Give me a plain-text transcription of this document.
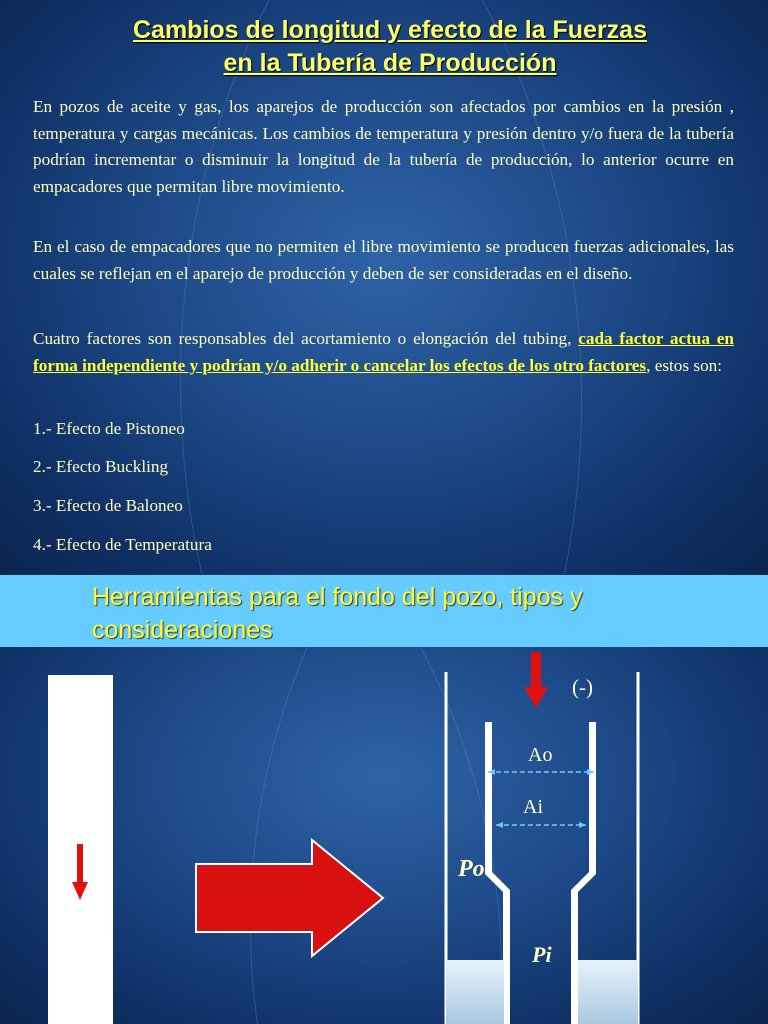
Cambios de longitud y efecto de la Fuerzas
en la Tubería de Producción

En pozos de aceite y gas, los aparejos de producción son afectados por cambios en la presión , temperatura y cargas mecánicas. Los cambios de temperatura y presión dentro y/o fuera de la tubería podrían incrementar o disminuir la longitud de la tubería de producción, lo anterior ocurre en empacadores que permitan libre movimiento.

En el caso de empacadores que no permiten el libre movimiento se producen fuerzas adicionales, las cuales se reflejan en el aparejo de producción y deben de ser consideradas en el diseño.

Cuatro factores son responsables del acortamiento o elongación del tubing, cada factor actua en forma independiente y podrían y/o adherir o cancelar los efectos de los otro factores, estos son:

1.- Efecto de Pistoneo
2.- Efecto Buckling
3.- Efecto de Baloneo
4.- Efecto de Temperatura
Herramientas para el fondo del pozo, tipos y
consideraciones
(-)
Ao
Ai
Po
Pi
